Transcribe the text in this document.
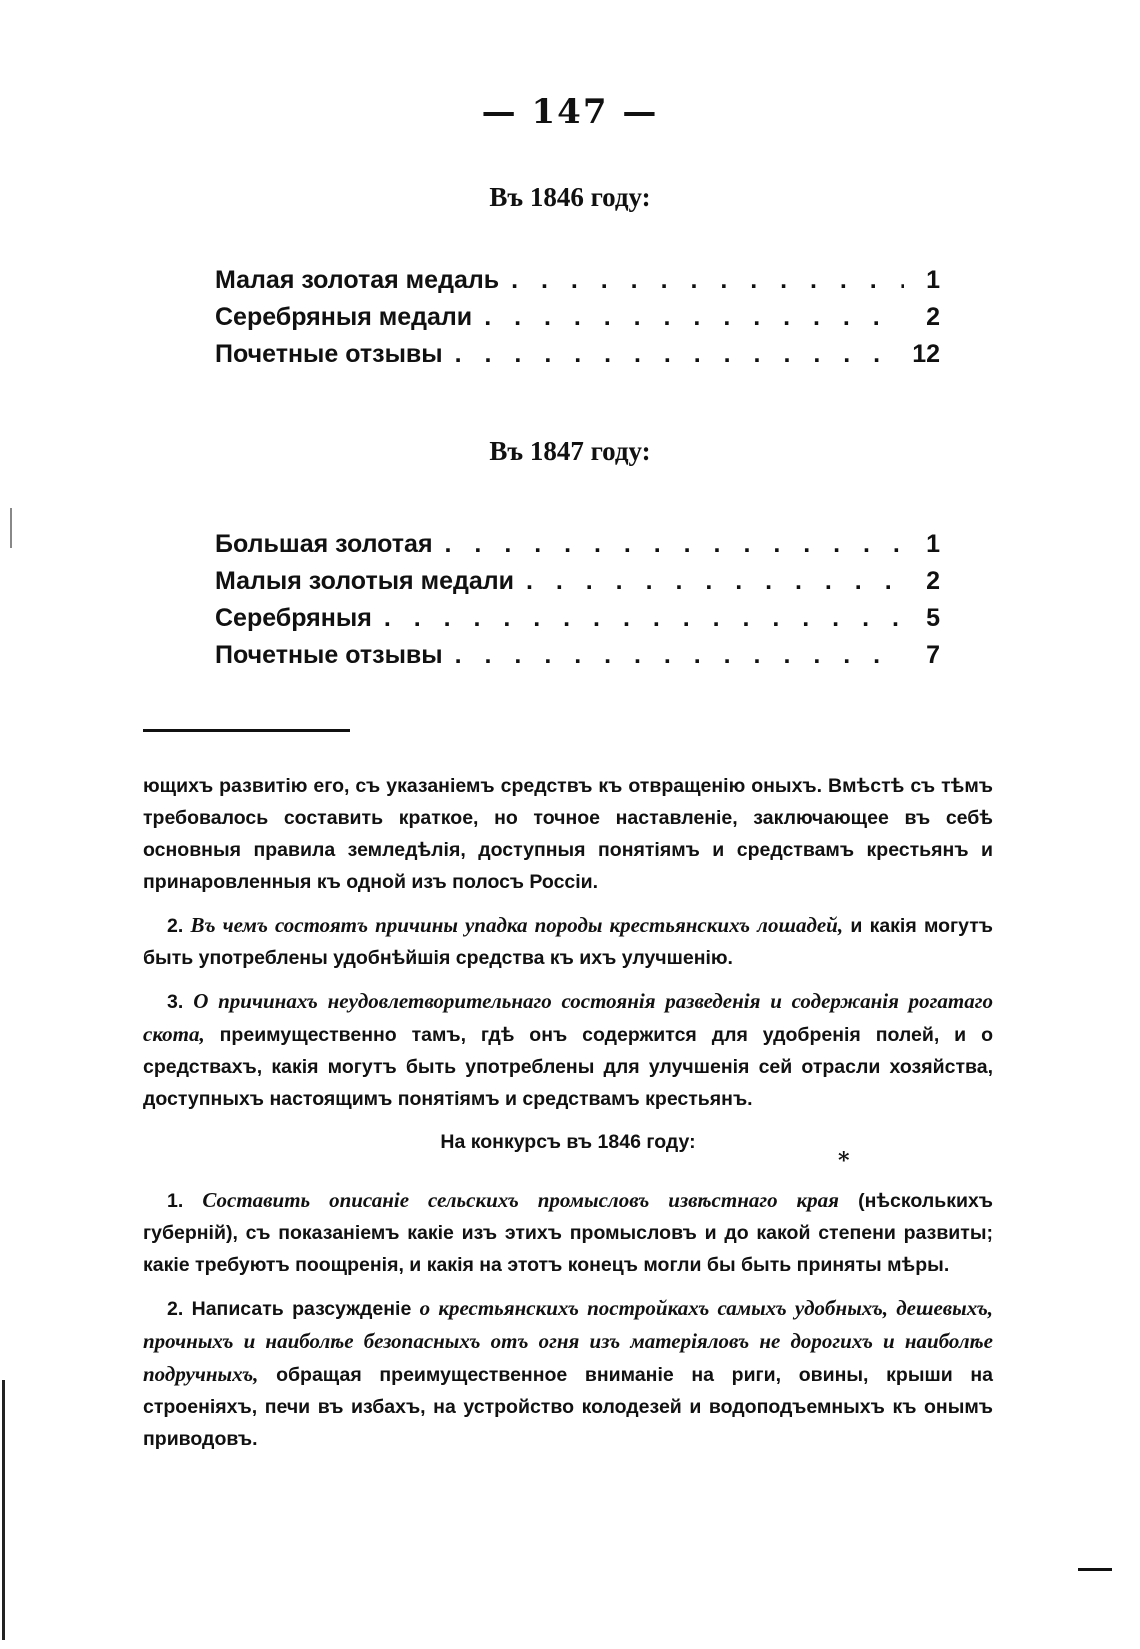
— 147 —
Въ 1846 году:
Малая золотая медаль . . .	1
Серебряныя медали . . .	2
Почетные отзывы . . .	12
Въ 1847 году:
Большая золотая . . .	1
Малыя золотыя медали . . .	2
Серебряныя . . .	5
Почетные отзывы . . .	7

ющихъ развитію его, съ указаніемъ средствъ къ отвращенію оныхъ. Вмѣстѣ съ тѣмъ требовалось составить краткое, но точное наставленіе, заключающее въ себѣ основныя правила земледѣлія, доступныя понятіямъ и средствамъ крестьянъ и принаровленныя къ одной изъ полосъ Россіи.

2. Въ чемъ состоятъ причины упадка породы крестьянскихъ лошадей, и какія могутъ быть употреблены удобнѣйшія средства къ ихъ улучшенію.

3. О причинахъ неудовлетворительнаго состоянія разведенія и содержанія рогатаго скота, преимущественно тамъ, гдѣ онъ содержится для удобренія полей, и о средствахъ, какія могутъ быть употреблены для улучшенія сей отрасли хозяйства, доступныхъ настоящимъ понятіямъ и средствамъ крестьянъ.

На конкурсъ въ 1846 году:

1. Составить описаніе сельскихъ промысловъ извѣстнаго края (нѣсколькихъ губерній), съ показаніемъ какіе изъ этихъ промысловъ и до какой степени развиты; какіе требуютъ поощренія, и какія на этотъ конецъ могли бы быть приняты мѣры.

2. Написать разсужденіе о крестьянскихъ постройкахъ самыхъ удобныхъ, дешевыхъ, прочныхъ и наиболѣе безопасныхъ отъ огня изъ матеріяловъ не дорогихъ и наиболѣе подручныхъ, обращая преимущественное вниманіе на риги, овины, крыши на строеніяхъ, печи въ избахъ, на устройство колодезей и водоподъемныхъ къ онымъ приводовъ.

*
